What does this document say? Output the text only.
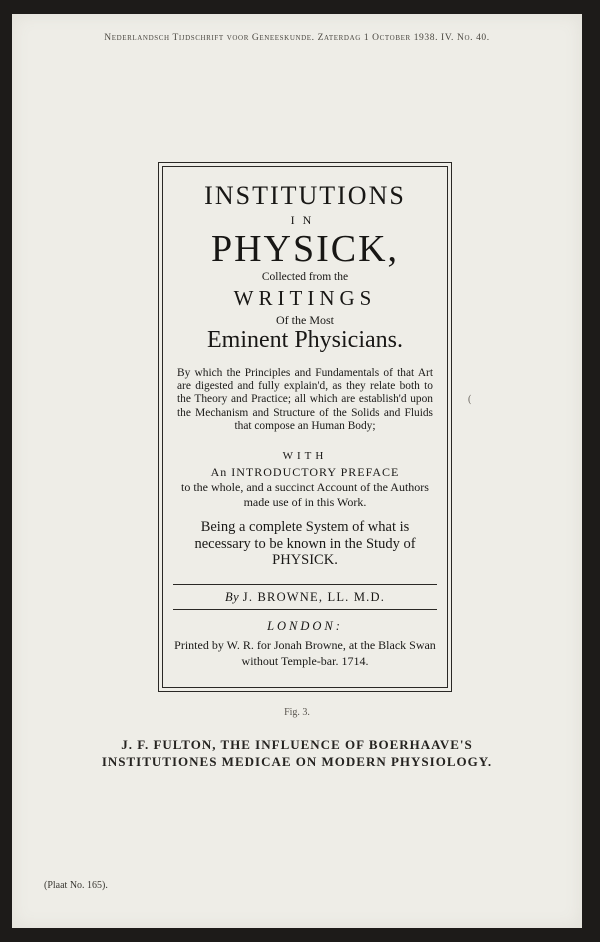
Nederlandsch Tijdschrift voor Geneeskunde. Zaterdag 1 October 1938. IV. No. 40.
INSTITUTIONS
IN
PHYSICK,
Collected from the
WRITINGS
Of the Most
Eminent Physicians.
By which the Principles and Fundamentals of that Art are digested and fully explain'd, as they relate both to the Theory and Practice; all which are establish'd upon the Mechanism and Structure of the Solids and Fluids that compose an Human Body;
WITH
An INTRODUCTORY PREFACE
to the whole, and a succinct Account of the Authors made use of in this Work.
Being a complete System of what is necessary to be known in the Study of PHYSICK.
By J. BROWNE, LL. M.D.
LONDON:
Printed by W. R. for Jonah Browne, at the Black Swan without Temple-bar. 1714.
(
Fig. 3.
J. F. FULTON, THE INFLUENCE OF BOERHAAVE'S
INSTITUTIONES MEDICAE ON MODERN PHYSIOLOGY.
(Plaat No. 165).
